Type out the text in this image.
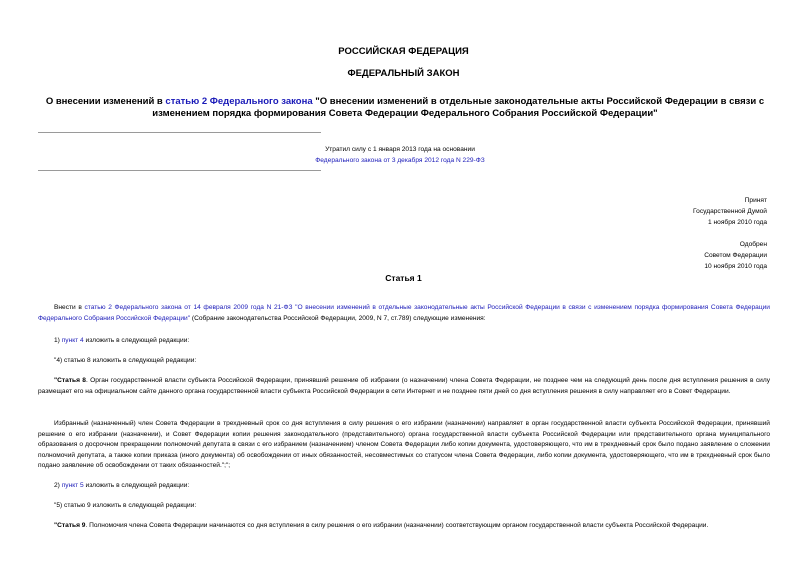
РОССИЙСКАЯ ФЕДЕРАЦИЯ
ФЕДЕРАЛЬНЫЙ ЗАКОН
О внесении изменений в статью 2 Федерального закона "О внесении изменений в отдельные законодательные акты Российской Федерации в связи с изменением порядка формирования Совета Федерации Федерального Собрания Российской Федерации"
Утратил силу с 1 января 2013 года на основании
Федерального закона от 3 декабря 2012 года N 229-ФЗ
Принят
Государственной Думой
1 ноября 2010 года
Одобрен
Советом Федерации
10 ноября 2010 года
Статья 1
Внести в статью 2 Федерального закона от 14 февраля 2009 года N 21-ФЗ "О внесении изменений в отдельные законодательные акты Российской Федерации в связи с изменением порядка формирования Совета Федерации Федерального Собрания Российской Федерации" (Собрание законодательства Российской Федерации, 2009, N 7, ст.789) следующие изменения:
1) пункт 4 изложить в следующей редакции:
"4) статью 8 изложить в следующей редакции:
"Статья 8. Орган государственной власти субъекта Российской Федерации, принявший решение об избрании (о назначении) члена Совета Федерации, не позднее чем на следующий день после дня вступления решения в силу размещает его на официальном сайте данного органа государственной власти субъекта Российской Федерации в сети Интернет и не позднее пяти дней со дня вступления решения в силу направляет его в Совет Федерации.
Избранный (назначенный) член Совета Федерации в трехдневный срок со дня вступления в силу решения о его избрании (назначении) направляет в орган государственной власти субъекта Российской Федерации, принявший решение о его избрании (назначении), и Совет Федерации копии решения законодательного (представительного) органа государственной власти субъекта Российской Федерации или представительного органа муниципального образования о досрочном прекращении полномочий депутата в связи с его избранием (назначением) членом Совета Федерации либо копии документа, удостоверяющего, что им в трехдневный срок было подано заявление о сложении полномочий депутата, а также копии приказа (иного документа) об освобождении от иных обязанностей, несовместимых со статусом члена Совета Федерации, либо копии документа, удостоверяющего, что им в трехдневный срок было подано заявление об освобождении от таких обязанностей.";";
2) пункт 5 изложить в следующей редакции:
"5) статью 9 изложить в следующей редакции:
"Статья 9. Полномочия члена Совета Федерации начинаются со дня вступления в силу решения о его избрании (назначении) соответствующим органом государственной власти субъекта Российской Федерации.
